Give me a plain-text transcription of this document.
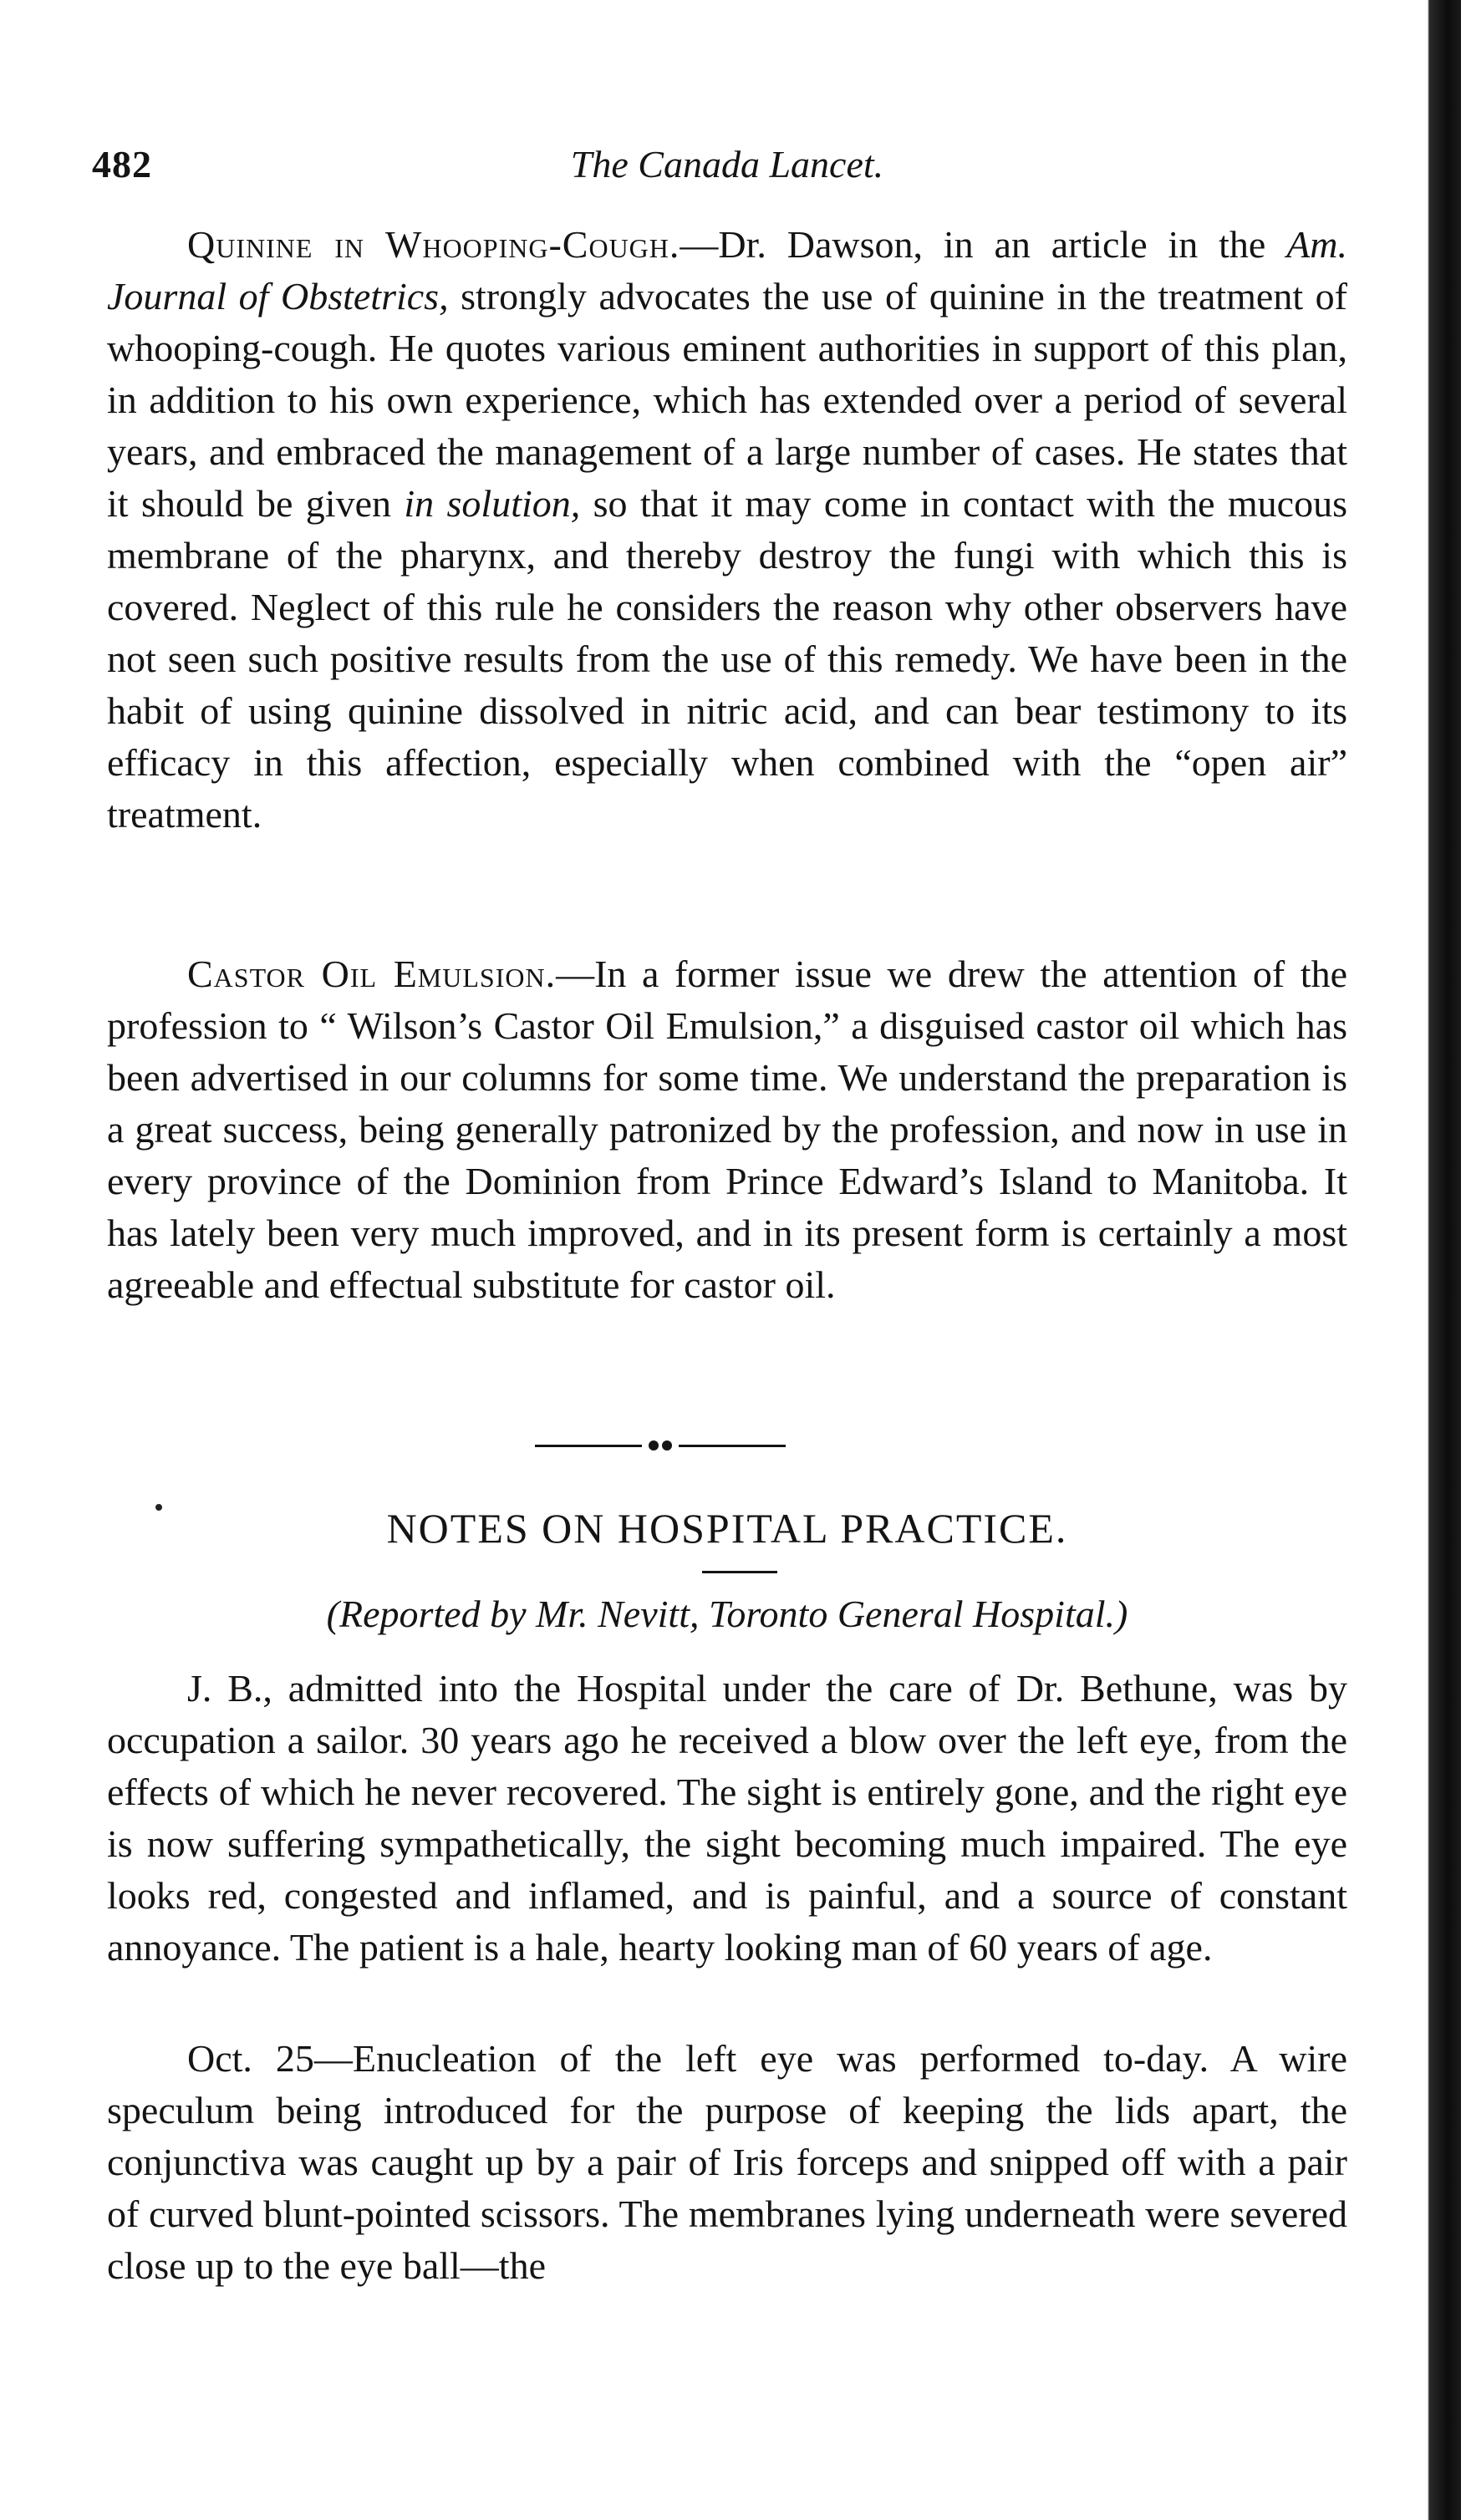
482	The Canada Lancet.

Quinine in Whooping-Cough.—Dr. Dawson, in an article in the Am. Journal of Obstetrics, strongly advocates the use of quinine in the treatment of whooping-cough. He quotes various eminent authorities in support of this plan, in addition to his own experience, which has extended over a period of several years, and embraced the management of a large number of cases. He states that it should be given in solution, so that it may come in contact with the mucous membrane of the pharynx, and thereby destroy the fungi with which this is covered. Neglect of this rule he considers the reason why other observers have not seen such positive results from the use of this remedy. We have been in the habit of using quinine dissolved in nitric acid, and can bear testimony to its efficacy in this affection, especially when combined with the “open air” treatment.

Castor Oil Emulsion.—In a former issue we drew the attention of the profession to “ Wilson’s Castor Oil Emulsion,” a disguised castor oil which has been advertised in our columns for some time. We understand the preparation is a great success, being generally patronized by the profession, and now in use in every province of the Dominion from Prince Edward’s Island to Manitoba. It has lately been very much improved, and in its present form is certainly a most agreeable and effectual substitute for castor oil.

NOTES ON HOSPITAL PRACTICE.
(Reported by Mr. Nevitt, Toronto General Hospital.)

J. B., admitted into the Hospital under the care of Dr. Bethune, was by occupation a sailor. 30 years ago he received a blow over the left eye, from the effects of which he never recovered. The sight is entirely gone, and the right eye is now suffering sympathetically, the sight becoming much impaired. The eye looks red, congested and inflamed, and is painful, and a source of constant annoyance. The patient is a hale, hearty looking man of 60 years of age.

Oct. 25—Enucleation of the left eye was performed to-day. A wire speculum being introduced for the purpose of keeping the lids apart, the conjunctiva was caught up by a pair of Iris forceps and snipped off with a pair of curved blunt-pointed scissors. The membranes lying underneath were severed close up to the eye ball—the
